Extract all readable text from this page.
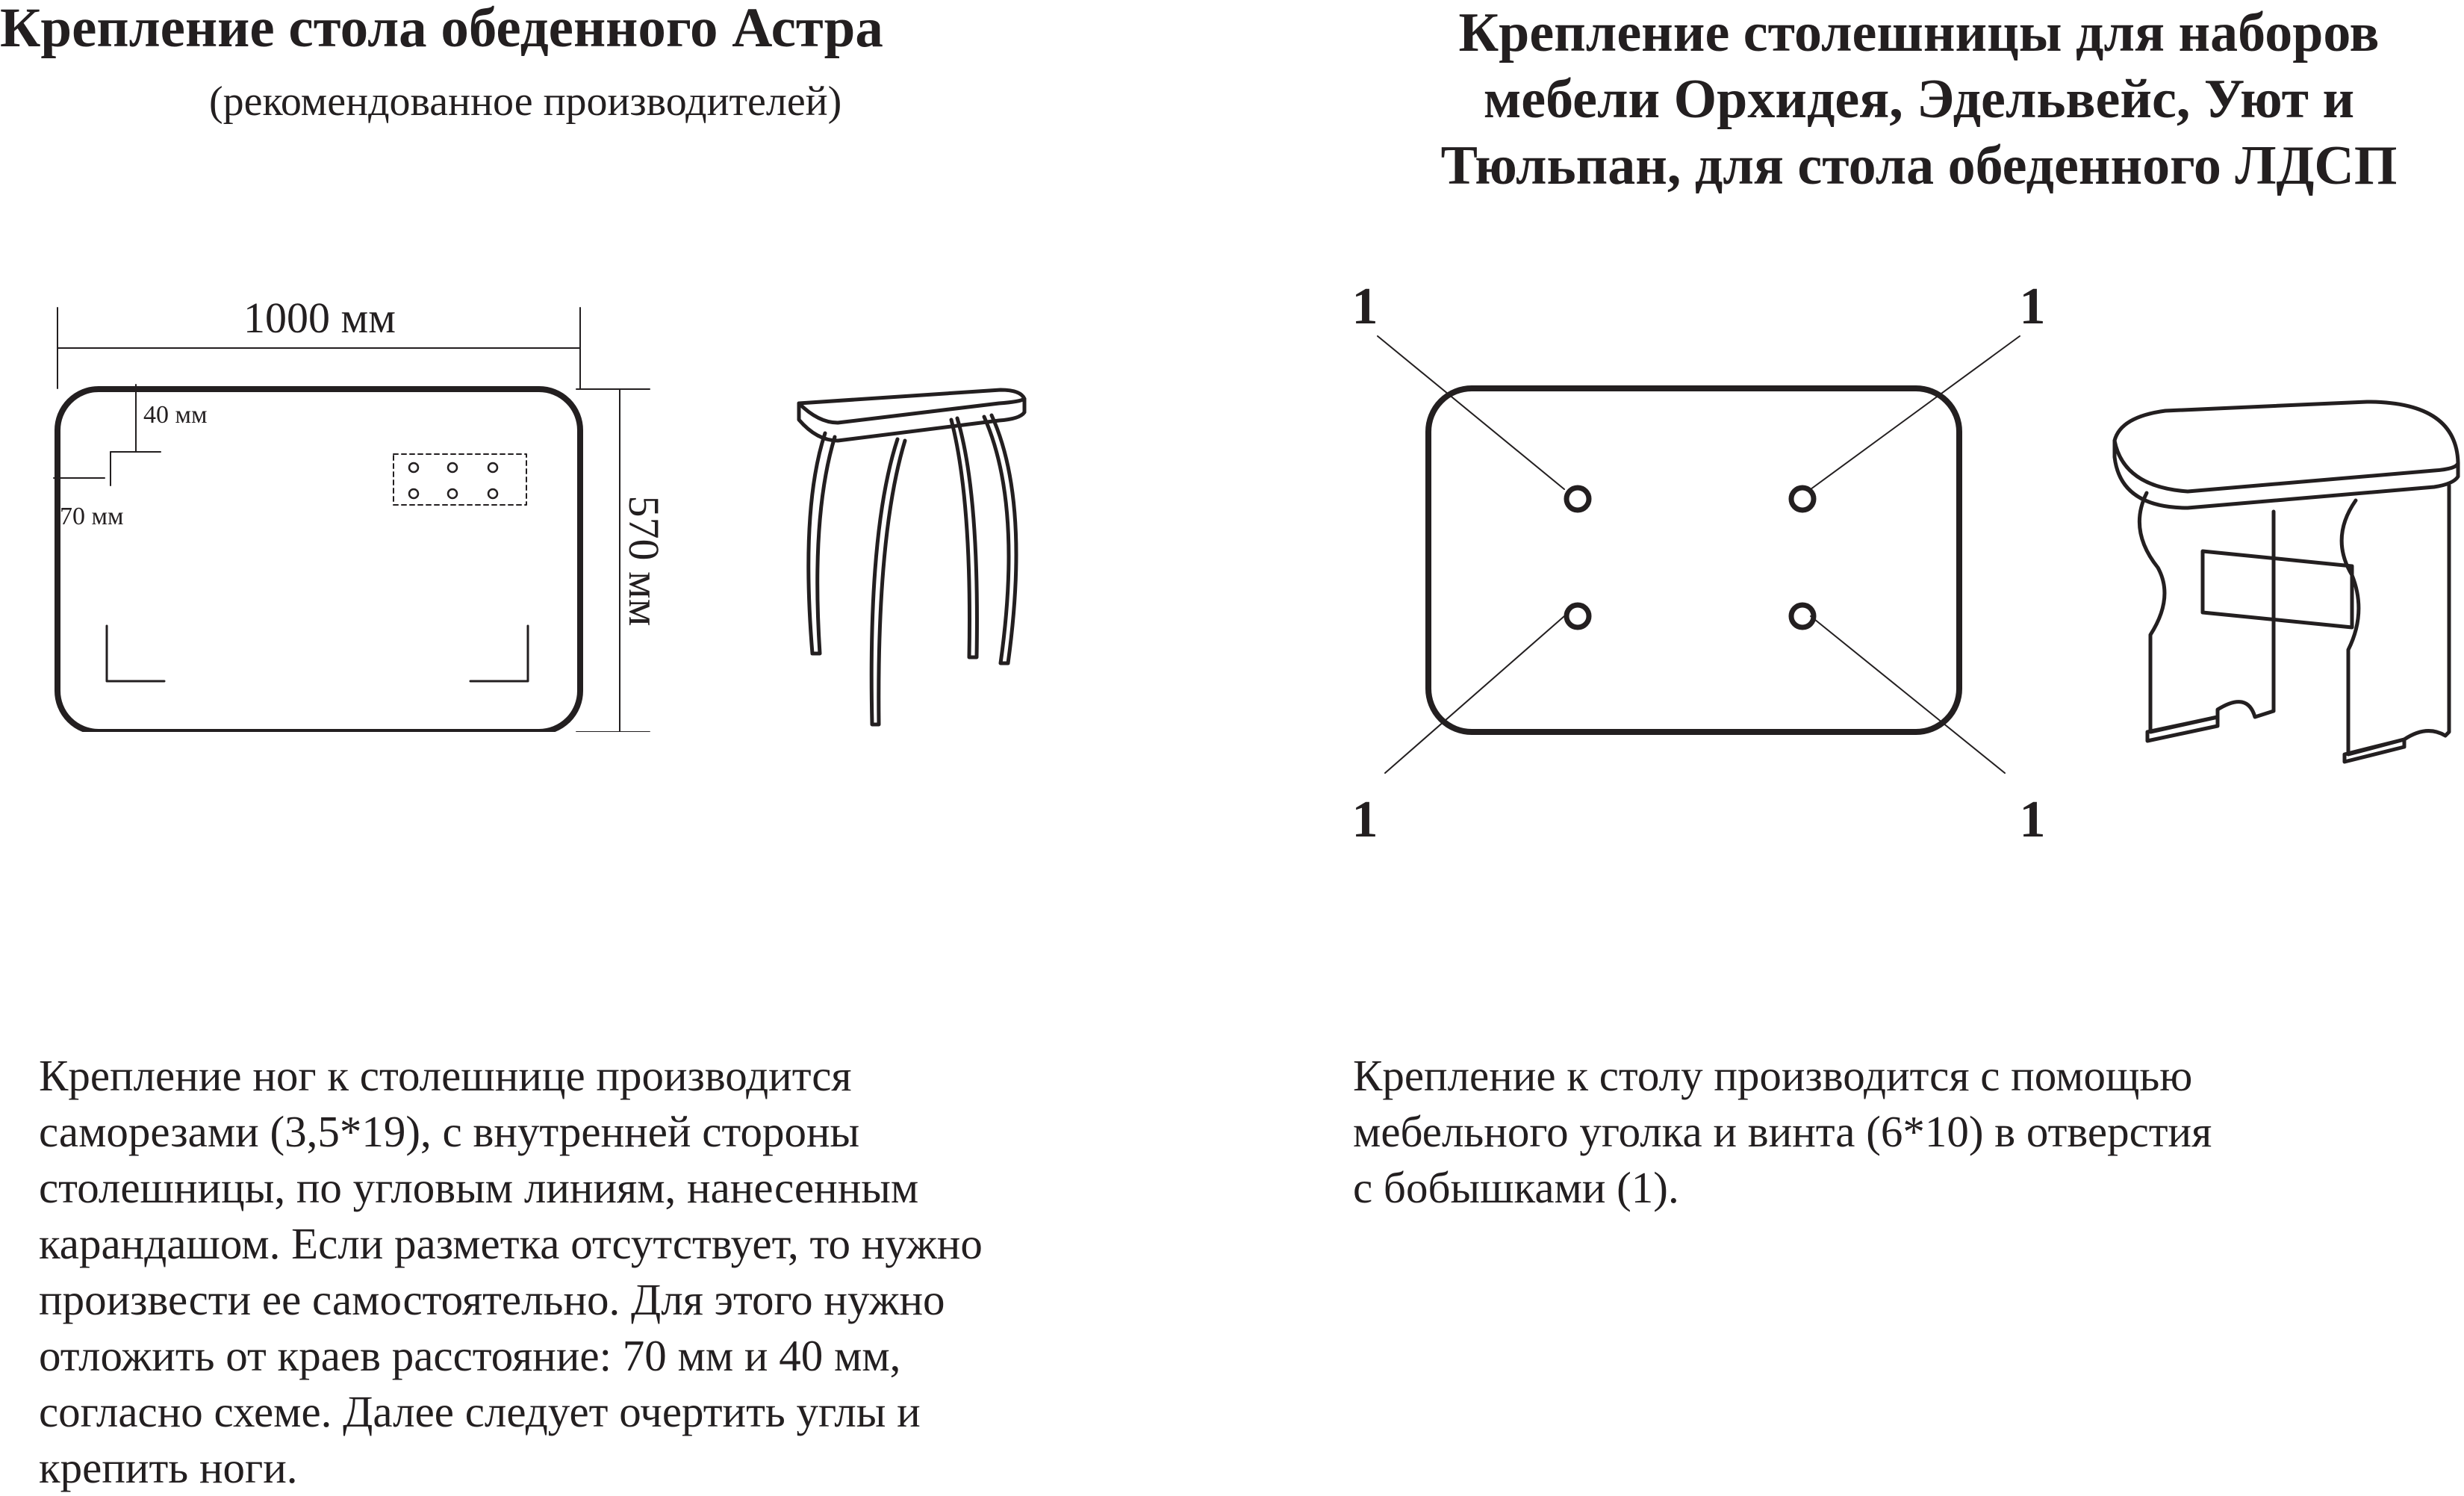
Крепление стола обеденного Астра
(рекомендованное производителей)
1000 мм
40 мм
70 мм	570 мм
Крепление ног к столешнице производится
саморезами (3,5*19), с внутренней стороны
столешницы, по угловым линиям, нанесенным
карандашом. Если разметка отсутствует, то нужно
произвести ее самостоятельно. Для этого нужно
отложить от краев расстояние: 70 мм и 40 мм,
согласно схеме. Далее следует очертить углы и
крепить ноги.
Крепление столешницы для наборов
мебели Орхидея, Эдельвейс, Уют и
Тюльпан, для стола обеденного ЛДСП
1	1
1	1
Крепление к столу производится с помощью
мебельного уголка и винта (6*10) в отверстия
с бобышками (1).
